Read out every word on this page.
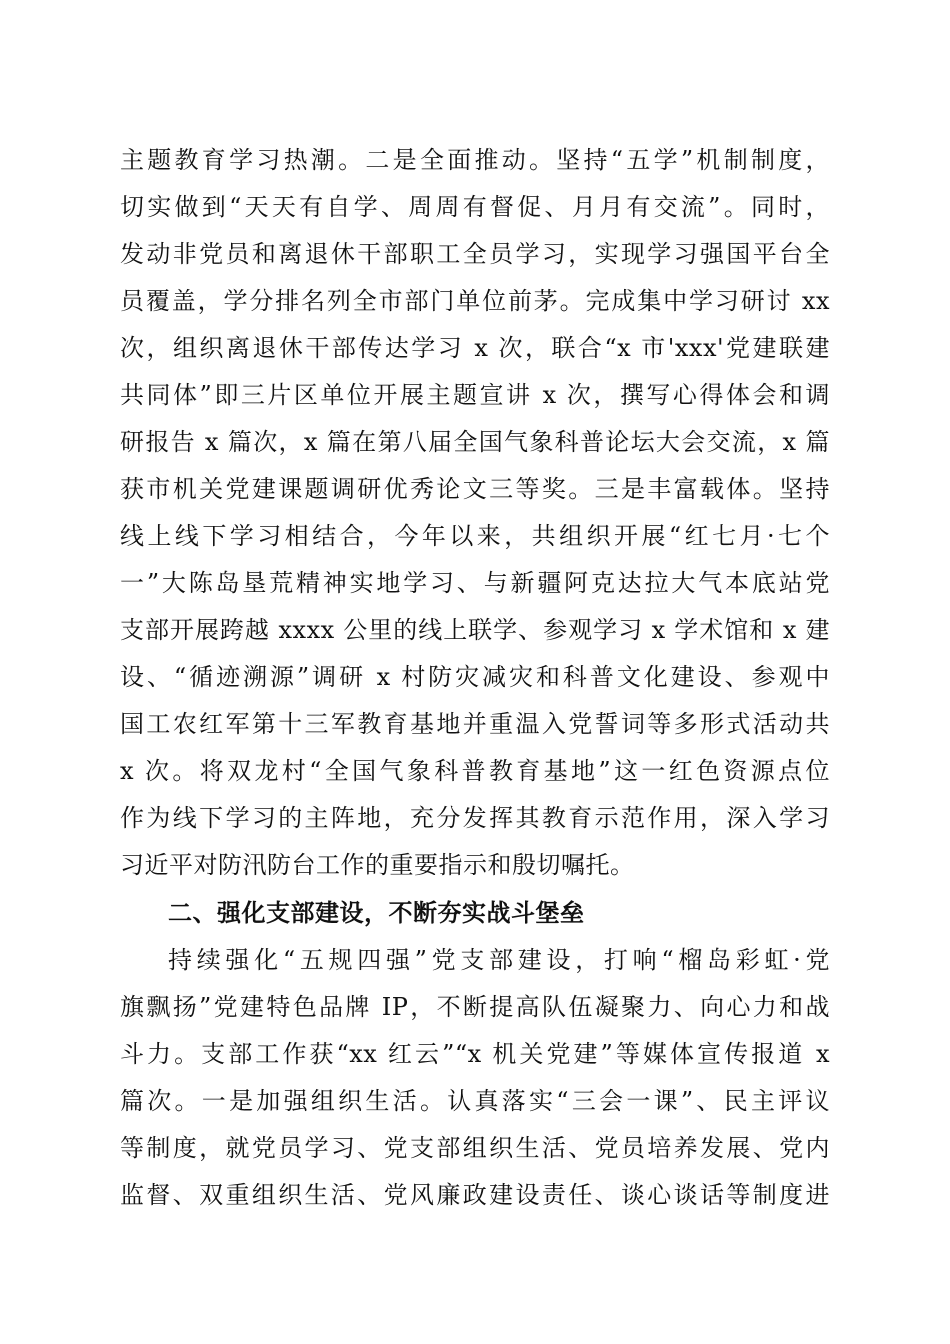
主题教育学习热潮。二是全面推动。坚持“五学”机制制度，
切实做到“天天有自学、周周有督促、月月有交流”。同时，
发动非党员和离退休干部职工全员学习，实现学习强国平台全
员覆盖，学分排名列全市部门单位前茅。完成集中学习研讨 xx
次，组织离退休干部传达学习 x 次，联合“x 市'xxx'党建联建
共同体”即三片区单位开展主题宣讲 x 次，撰写心得体会和调
研报告 x 篇次，x 篇在第八届全国气象科普论坛大会交流，x 篇
获市机关党建课题调研优秀论文三等奖。三是丰富载体。坚持
线上线下学习相结合，今年以来，共组织开展“红七月·七个
一”大陈岛垦荒精神实地学习、与新疆阿克达拉大气本底站党
支部开展跨越 xxxx 公里的线上联学、参观学习 x 学术馆和 x 建
设、“循迹溯源”调研 x 村防灾减灾和科普文化建设、参观中
国工农红军第十三军教育基地并重温入党誓词等多形式活动共
x 次。将双龙村“全国气象科普教育基地”这一红色资源点位
作为线下学习的主阵地，充分发挥其教育示范作用，深入学习
习近平对防汛防台工作的重要指示和殷切嘱托。
二、强化支部建设，不断夯实战斗堡垒
持续强化“五规四强”党支部建设，打响“榴岛彩虹·党
旗飘扬”党建特色品牌 IP，不断提高队伍凝聚力、向心力和战
斗力。支部工作获“xx 红云”“x 机关党建”等媒体宣传报道 x
篇次。一是加强组织生活。认真落实“三会一课”、民主评议
等制度，就党员学习、党支部组织生活、党员培养发展、党内
监督、双重组织生活、党风廉政建设责任、谈心谈话等制度进
